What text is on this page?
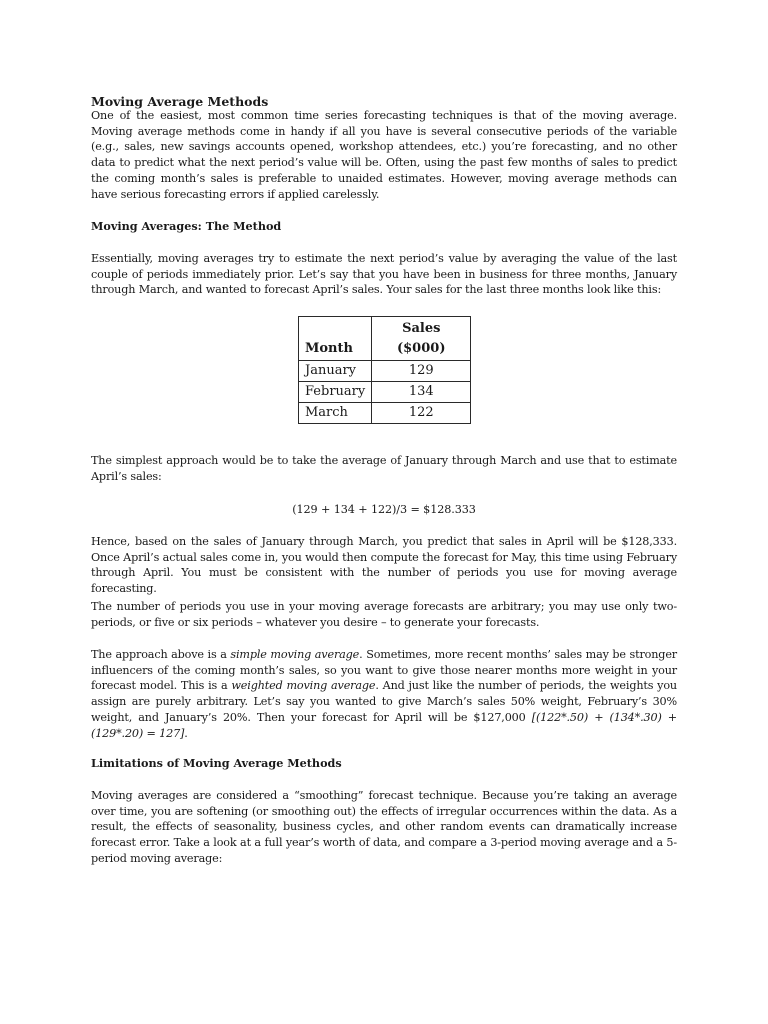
Moving Average Methods

One of the easiest, most common time series forecasting techniques is that of the moving average. Moving average methods come in handy if all you have is several consecutive periods of the variable (e.g., sales, new savings accounts opened, workshop attendees, etc.) you’re forecasting, and no other data to predict what the next period’s value will be. Often, using the past few months of sales to predict the coming month’s sales is preferable to unaided estimates. However, moving average methods can have serious forecasting errors if applied carelessly.

Moving Averages: The Method

Essentially, moving averages try to estimate the next period’s value by averaging the value of the last couple of periods immediately prior. Let’s say that you have been in business for three months, January through March, and wanted to forecast April’s sales. Your sales for the last three months look like this:

Month	Sales ($000)
January	129
February	134
March	122

The simplest approach would be to take the average of January through March and use that to estimate April’s sales:

(129 + 134 + 122)/3 = $128.333

Hence, based on the sales of January through March, you predict that sales in April will be $128,333. Once April’s actual sales come in, you would then compute the forecast for May, this time using February through April. You must be consistent with the number of periods you use for moving average forecasting.

The number of periods you use in your moving average forecasts are arbitrary; you may use only two-periods, or five or six periods – whatever you desire – to generate your forecasts.

The approach above is a simple moving average. Sometimes, more recent months’ sales may be stronger influencers of the coming month’s sales, so you want to give those nearer months more weight in your forecast model. This is a weighted moving average. And just like the number of periods, the weights you assign are purely arbitrary. Let’s say you wanted to give March’s sales 50% weight, February’s 30% weight, and January’s 20%. Then your forecast for April will be $127,000 [(122*.50) + (134*.30) + (129*.20) = 127].

Limitations of Moving Average Methods

Moving averages are considered a “smoothing” forecast technique. Because you’re taking an average over time, you are softening (or smoothing out) the effects of irregular occurrences within the data. As a result, the effects of seasonality, business cycles, and other random events can dramatically increase forecast error. Take a look at a full year’s worth of data, and compare a 3-period moving average and a 5-period moving average:
